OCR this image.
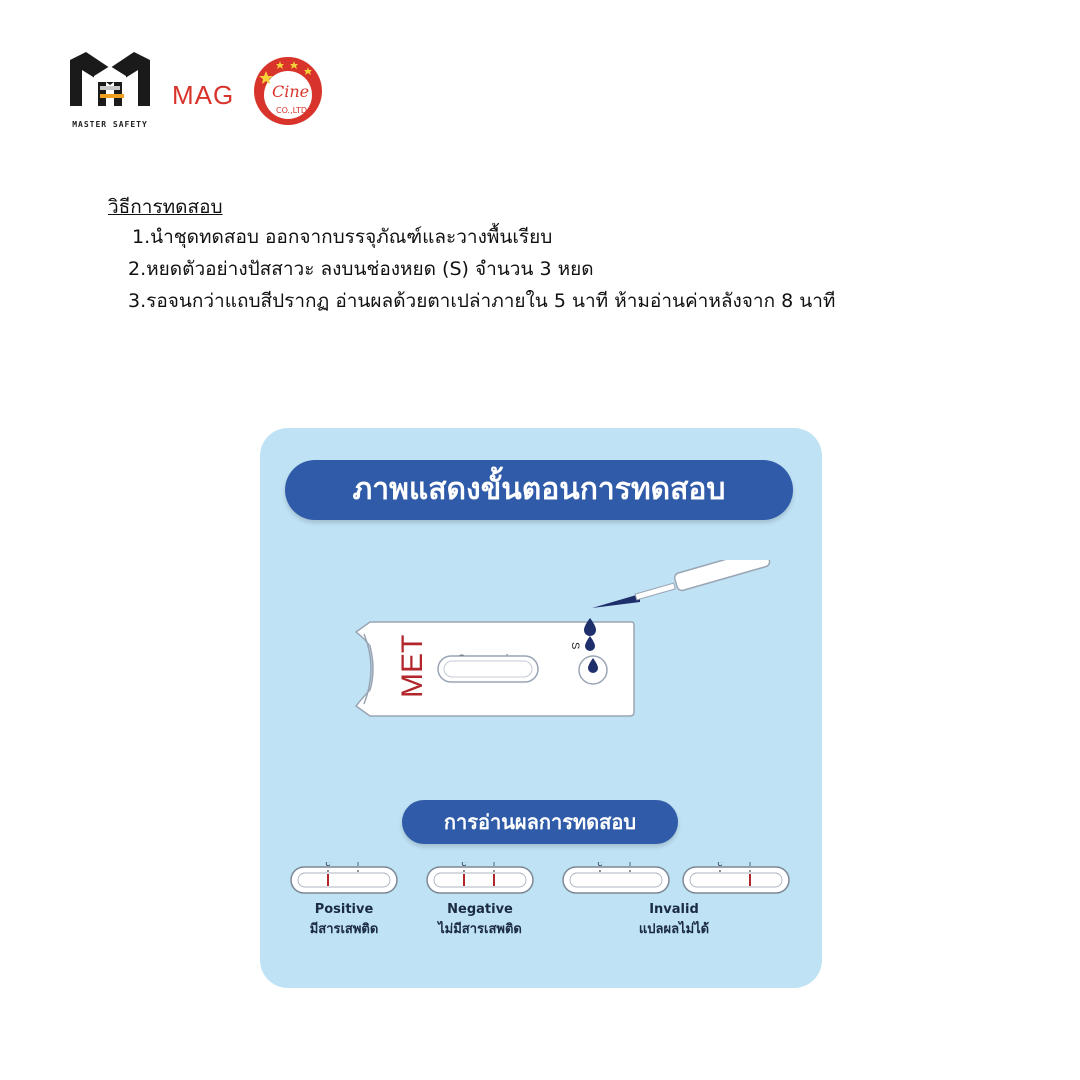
MASTER SAFETY
MAG Cine
CO.,LTD.
วิธีการทดสอบ
1.นำชุดทดสอบ ออกจากบรรจุภัณฑ์และวางพื้นเรียบ
2.หยดตัวอย่างปัสสาวะ ลงบนช่องหยด (S) จำนวน 3 หยด
3.รอจนกว่าแถบสีปรากฏ อ่านผลด้วยตาเปล่าภายใน 5 นาที ห้ามอ่านค่าหลังจาก 8 นาที
ภาพแสดงขั้นตอนการทดสอบ
MET	S
การอ่านผลการทดสอบ
C	T	C	T	C	T	C	T
Positive
มีสารเสพติด
Negative
ไม่มีสารเสพติด
Invalid
แปลผลไม่ได้
